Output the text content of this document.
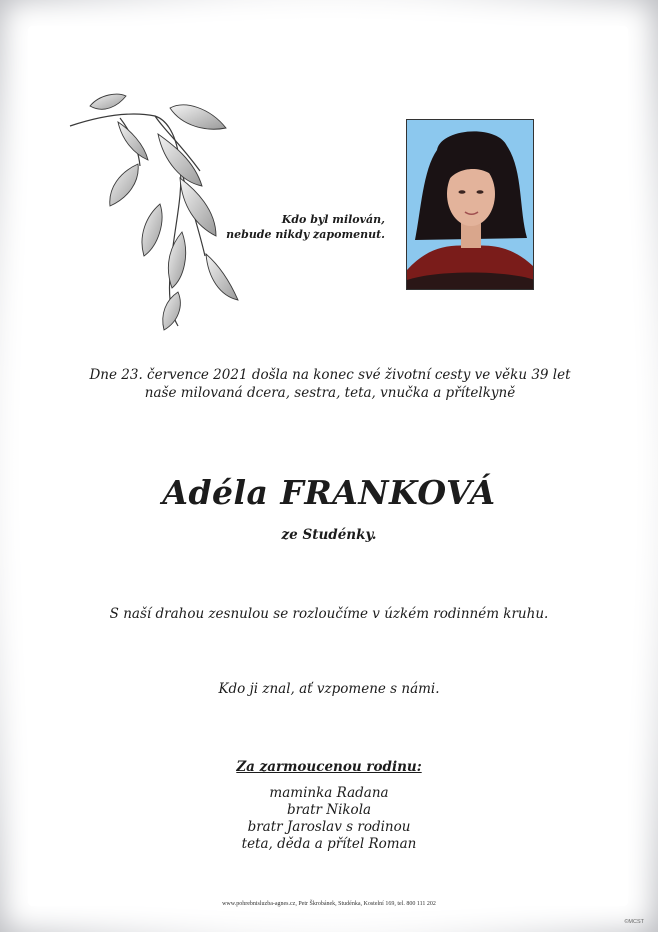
Kdo byl milován,
nebude nikdy zapomenut.
Dne 23. července 2021 došla na konec své životní cesty ve věku 39 let
naše milovaná dcera, sestra, teta, vnučka a přítelkyně
Adéla FRANKOVÁ
ze Studénky.
S naší drahou zesnulou se rozloučíme v úzkém rodinném kruhu.
Kdo ji znal, ať vzpomene s námi.
Za zarmoucenou rodinu:
maminka Radana
bratr Nikola
bratr Jaroslav s rodinou
teta, děda a přítel Roman
www.pohrebnisluzba-agnes.cz, Petr Škrobánek, Studénka, Kostelní 169, tel. 800 111 202
©MCST
